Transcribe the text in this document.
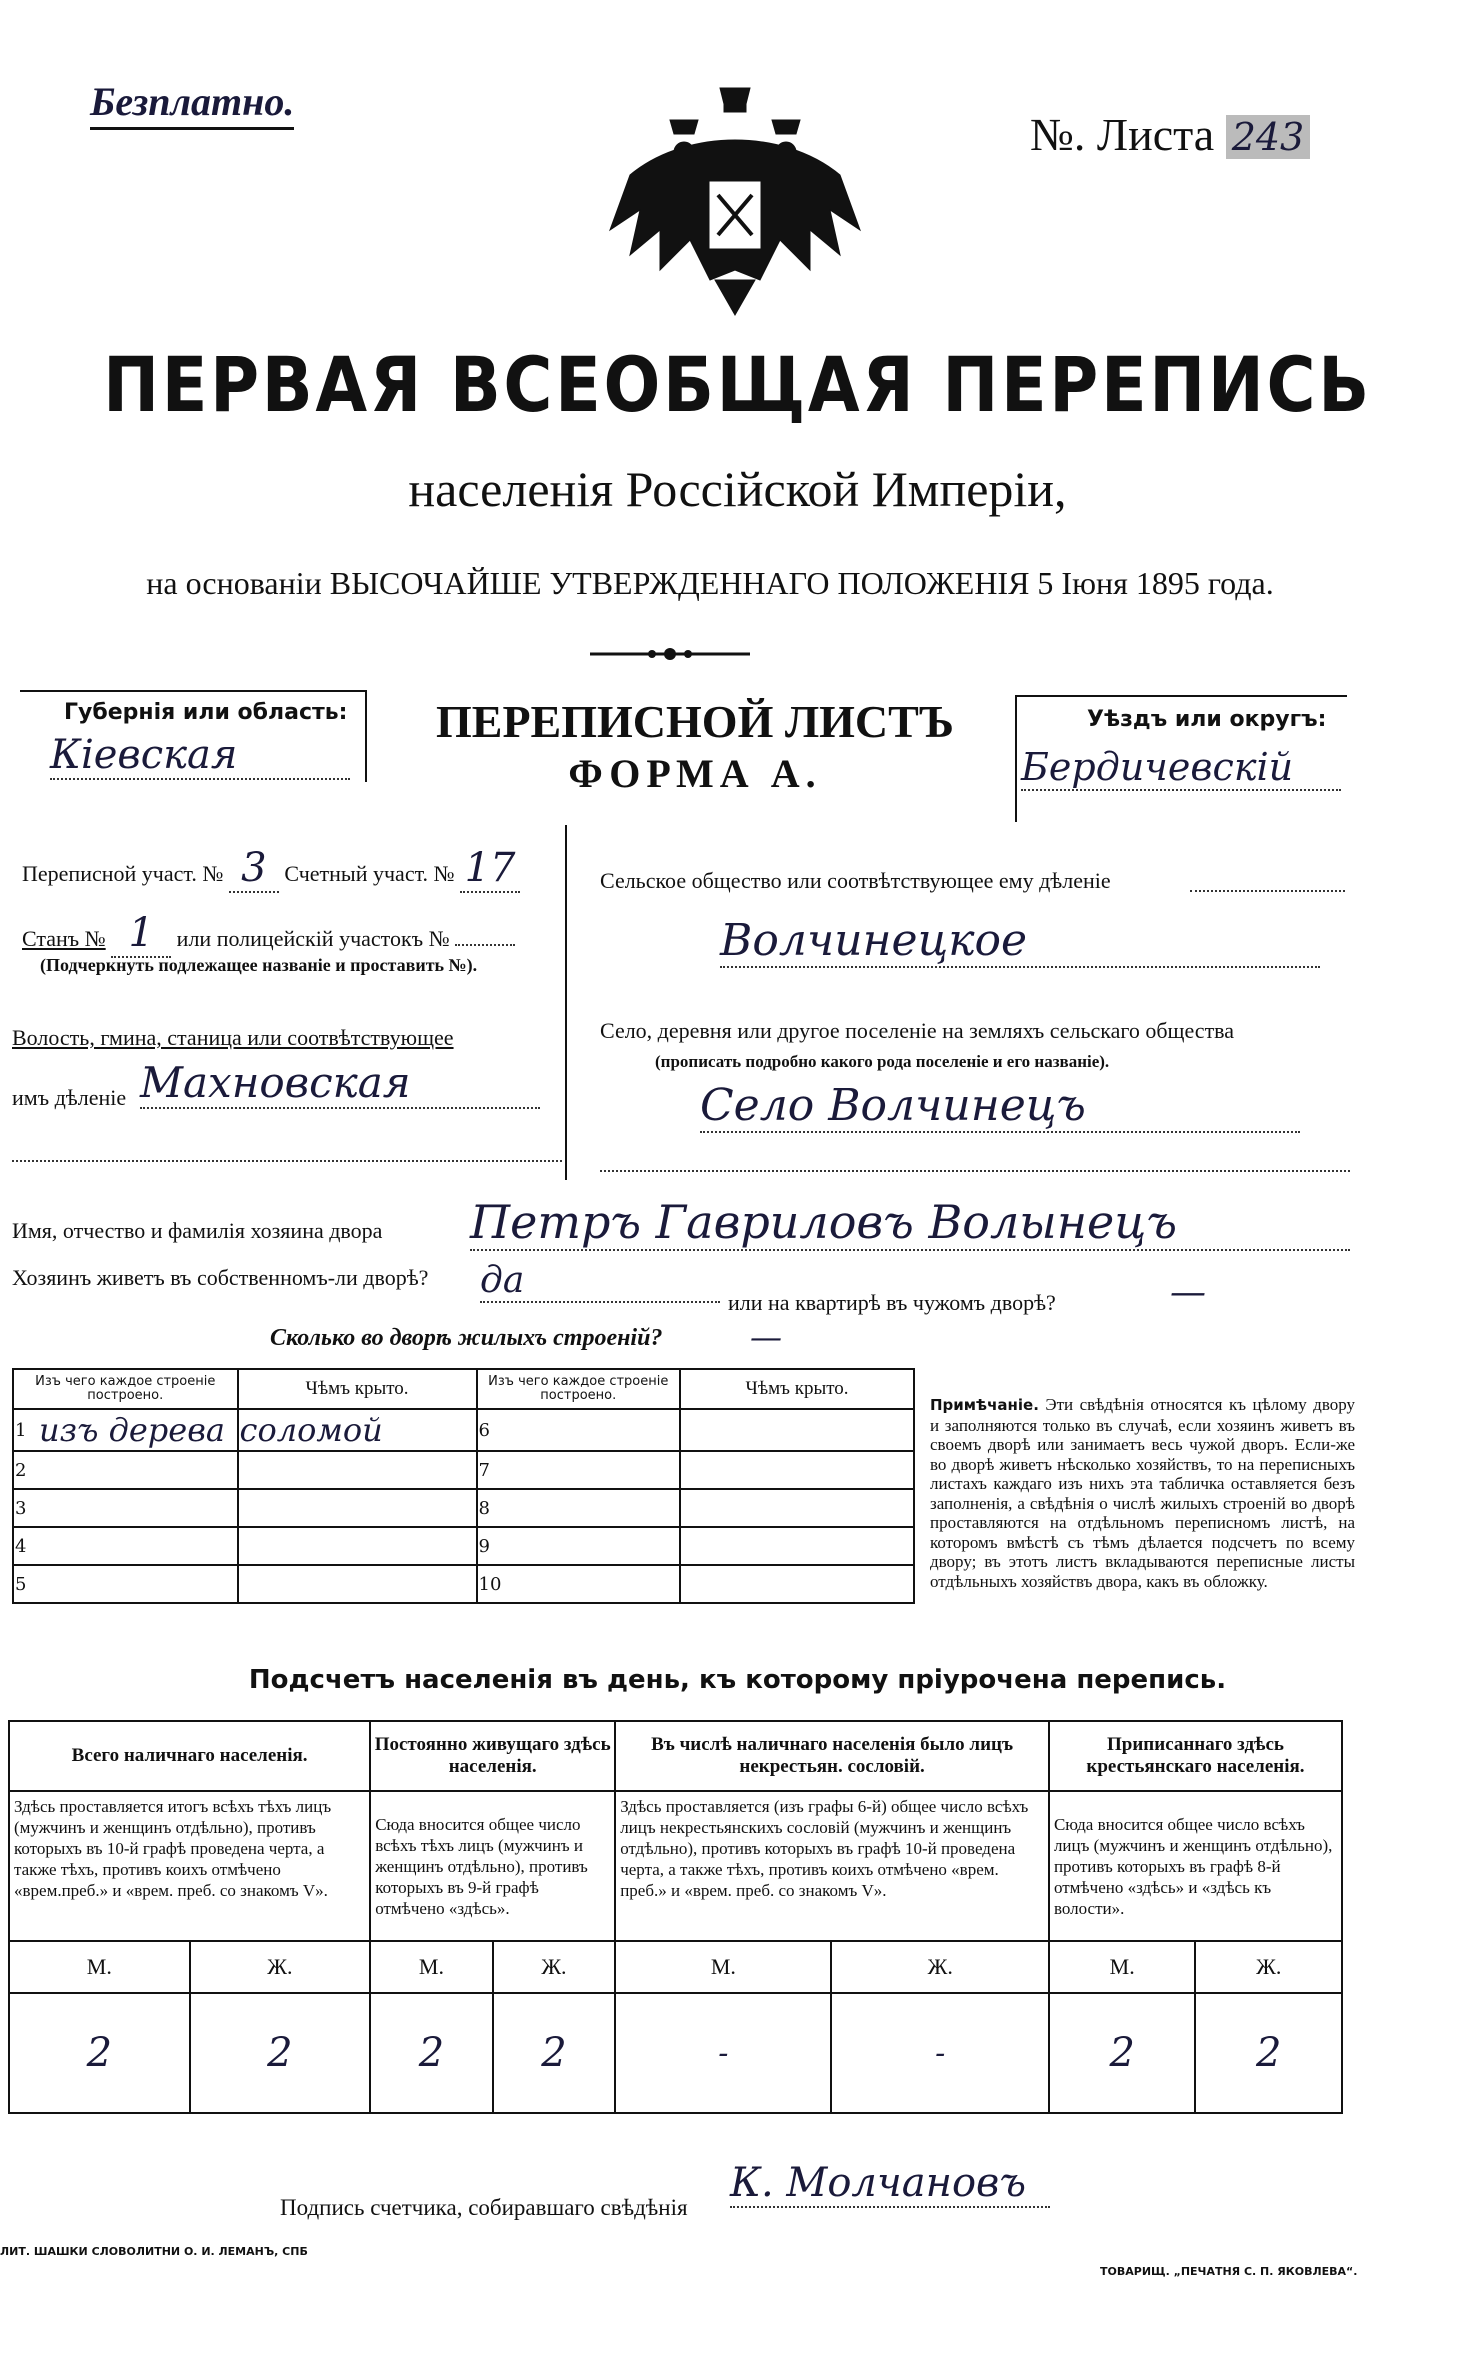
Безплатно.
№. Листа 243
ПЕРВАЯ ВСЕОБЩАЯ ПЕРЕПИСЬ
населенія Россійской Имперіи,
на основаніи ВЫСОЧАЙШЕ УТВЕРЖДЕННАГО ПОЛОЖЕНІЯ 5 Іюня 1895 года.
Губернія или область:
Кіевская
ПЕРЕПИСНОЙ ЛИСТЪ
ФОРМА А.
Уѣздъ или округъ:
Бердичевскій
Переписной участ. № 3 Счетный участ. № 17
Станъ № 1 или полицейскій участокъ №
(Подчеркнуть подлежащее названіе и проставить №).
Волость, гмина, станица или соотвѣтствующее
имъ дѣленіе Махновская
Сельское общество или соотвѣтствующее ему дѣленіе
Волчинецкое
Село, деревня или другое поселеніе на земляхъ сельскаго общества
(прописать подробно какого рода поселеніе и его названіе).
Село Волчинецъ
Имя, отчество и фамилія хозяина двора Петръ Гавриловъ Волынецъ
Хозяинъ живетъ въ собственномъ-ли дворѣ? да
или на квартирѣ въ чужомъ дворѣ?	—
Сколько во дворѣ жилыхъ строеній?	—
Изъ чего каждое строеніе построено.		Чѣмъ крыто.	Изъ чего каждое строеніе построено.		Чѣмъ крыто.
1	изъ дерева	соломой	6		
2			7		
3			8		
4			9		
5			10		
Примѣчаніе. Эти свѣдѣнія относятся къ цѣлому двору и заполняются только въ случаѣ, если хозяинъ живетъ въ своемъ дворѣ или занимаетъ весь чужой дворъ. Если-же во дворѣ живетъ нѣсколько хозяйствъ, то на переписныхъ листахъ каждаго изъ нихъ эта табличка оставляется безъ заполненія, а свѣдѣнія о числѣ жилыхъ строеній во дворѣ проставляются на отдѣльномъ переписномъ листѣ, на которомъ вмѣстѣ съ тѣмъ дѣлается подсчетъ по всему двору; въ этотъ листъ вкладываются переписные листы отдѣльныхъ хозяйствъ двора, какъ въ обложку.
Подсчетъ населенія въ день, къ которому пріурочена перепись.
Всего наличнаго населенія.		Постоянно живущаго здѣсь населенія.		Въ числѣ наличнаго населенія было лицъ некрестьян. сословій.		Приписаннаго здѣсь крестьянскаго населенія.	
Здѣсь проставляется итогъ всѣхъ тѣхъ лицъ (мужчинъ и женщинъ отдѣльно), противъ которыхъ въ 10-й графѣ проведена черта, а также тѣхъ, противъ коихъ отмѣчено «врем.преб.» и «врем. преб. со знакомъ V».		Сюда вносится общее число всѣхъ тѣхъ лицъ (мужчинъ и женщинъ отдѣльно), противъ которыхъ въ 9-й графѣ отмѣчено «здѣсь».		Здѣсь проставляется (изъ графы 6-й) общее число всѣхъ лицъ некрестьянскихъ сословій (мужчинъ и женщинъ отдѣльно), противъ которыхъ въ графѣ 10-й проведена черта, а также тѣхъ, противъ коихъ отмѣчено «врем. преб.» и «врем. преб. со знакомъ V».		Сюда вносится общее число всѣхъ лицъ (мужчинъ и женщинъ отдѣльно), противъ которыхъ въ графѣ 8-й отмѣчено «здѣсь» и «здѣсь къ волости».	
М.	Ж.	М.	Ж.	М.	Ж.	М.	Ж.
2	2	2	2	-	-	2	2
Подпись счетчика, собиравшаго свѣдѣнія
К. Молчановъ
ЛИТ. ШАШКИ СЛОВОЛИТНИ О. И. ЛЕМАНЪ, СПБ
ТОВАРИЩ. „ПЕЧАТНЯ С. П. ЯКОВЛЕВА“.
